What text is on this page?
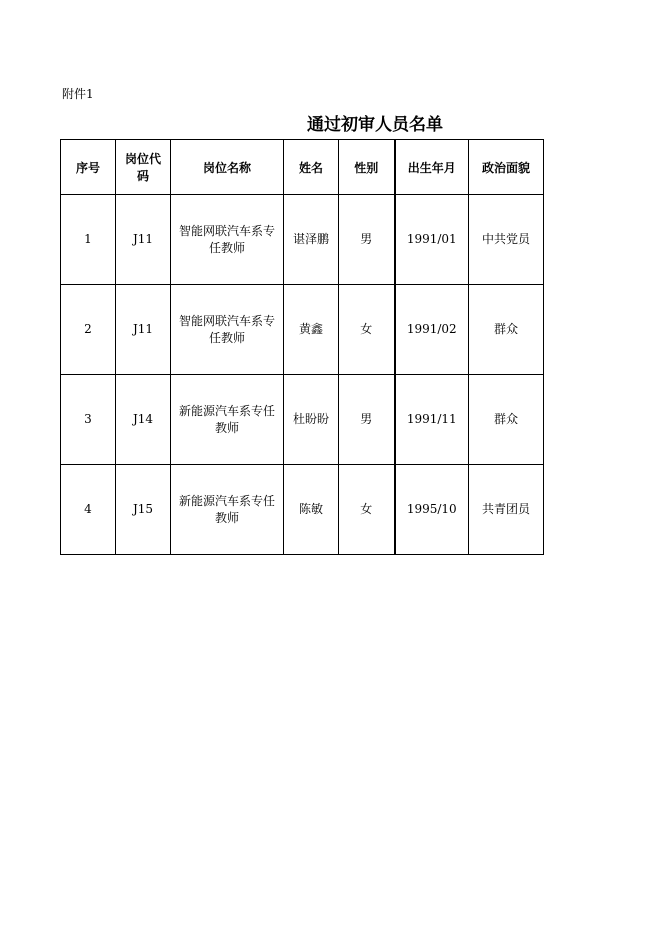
附件1
通过初审人员名单
序号	岗位代码	岗位名称	姓名	性别	出生年月	政治面貌
1	J11	智能网联汽车系专任教师	谌泽鹏	男	1991/01	中共党员
2	J11	智能网联汽车系专任教师	黄鑫	女	1991/02	群众
3	J14	新能源汽车系专任教师	杜盼盼	男	1991/11	群众
4	J15	新能源汽车系专任教师	陈敏	女	1995/10	共青团员
